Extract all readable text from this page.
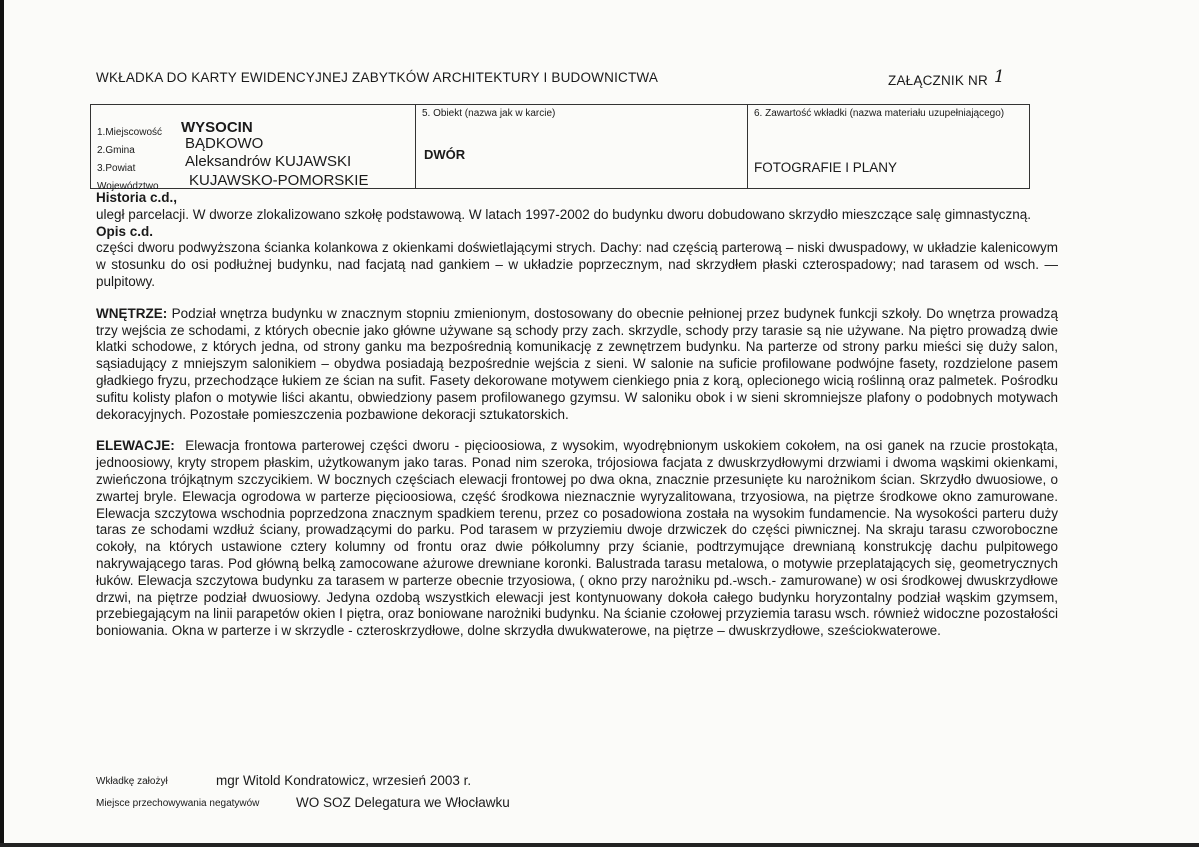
WKŁADKA DO KARTY EWIDENCYJNEJ ZABYTKÓW ARCHITEKTURY I BUDOWNICTWA	ZAŁĄCZNIK NR 1
1.Miejscowość WYSOCIN
2.Gmina	BĄDKOWO
3.Powiat	Aleksandrów KUJAWSKI
Województwo KUJAWSKO-POMORSKIE
5. Obiekt (nazwa jak w karcie)
DWÓR
6. Zawartość wkładki (nazwa materiału uzupełniającego)
FOTOGRAFIE I PLANY
Historia c.d.,

uległ parcelacji. W dworze zlokalizowano szkołę podstawową. W latach 1997-2002 do budynku dworu dobudowano skrzydło mieszczące salę gimnastyczną.

Opis c.d.

części dworu podwyższona ścianka kolankowa z okienkami doświetlającymi strych. Dachy: nad częścią parterową – niski dwuspadowy, w układzie kalenicowym w stosunku do osi podłużnej budynku, nad facjatą nad gankiem – w układzie poprzecznym, nad skrzydłem płaski czterospadowy; nad tarasem od wsch. — pulpitowy.

WNĘTRZE: Podział wnętrza budynku w znacznym stopniu zmienionym, dostosowany do obecnie pełnionej przez budynek funkcji szkoły. Do wnętrza prowadzą trzy wejścia ze schodami, z których obecnie jako główne używane są schody przy zach. skrzydle, schody przy tarasie są nie używane. Na piętro prowadzą dwie klatki schodowe, z których jedna, od strony ganku ma bezpośrednią komunikację z zewnętrzem budynku. Na parterze od strony parku mieści się duży salon, sąsiadujący z mniejszym salonikiem – obydwa posiadają bezpośrednie wejścia z sieni. W salonie na suficie profilowane podwójne fasety, rozdzielone pasem gładkiego fryzu, przechodzące łukiem ze ścian na sufit. Fasety dekorowane motywem cienkiego pnia z korą, oplecionego wicią roślinną oraz palmetek. Pośrodku sufitu kolisty plafon o motywie liści akantu, obwiedziony pasem profilowanego gzymsu. W saloniku obok i w sieni skromniejsze plafony o podobnych motywach dekoracyjnych. Pozostałe pomieszczenia pozbawione dekoracji sztukatorskich.

ELEWACJE: Elewacja frontowa parterowej części dworu - pięcioosiowa, z wysokim, wyodrębnionym uskokiem cokołem, na osi ganek na rzucie prostokąta, jednoosiowy, kryty stropem płaskim, użytkowanym jako taras. Ponad nim szeroka, trójosiowa facjata z dwuskrzydłowymi drzwiami i dwoma wąskimi okienkami, zwieńczona trójkątnym szczycikiem. W bocznych częściach elewacji frontowej po dwa okna, znacznie przesunięte ku narożnikom ścian. Skrzydło dwuosiowe, o zwartej bryle. Elewacja ogrodowa w parterze pięcioosiowa, część środkowa nieznacznie wyryzalitowana, trzyosiowa, na piętrze środkowe okno zamurowane. Elewacja szczytowa wschodnia poprzedzona znacznym spadkiem terenu, przez co posadowiona została na wysokim fundamencie. Na wysokości parteru duży taras ze schodami wzdłuż ściany, prowadzącymi do parku. Pod tarasem w przyziemiu dwoje drzwiczek do części piwnicznej. Na skraju tarasu czworoboczne cokoły, na których ustawione cztery kolumny od frontu oraz dwie półkolumny przy ścianie, podtrzymujące drewnianą konstrukcję dachu pulpitowego nakrywającego taras. Pod główną belką zamocowane ażurowe drewniane koronki. Balustrada tarasu metalowa, o motywie przeplatających się, geometrycznych łuków. Elewacja szczytowa budynku za tarasem w parterze obecnie trzyosiowa, ( okno przy narożniku pd.-wsch.- zamurowane) w osi środkowej dwuskrzydłowe drzwi, na piętrze podział dwuosiowy. Jedyna ozdobą wszystkich elewacji jest kontynuowany dokoła całego budynku horyzontalny podział wąskim gzymsem, przebiegającym na linii parapetów okien I piętra, oraz boniowane narożniki budynku. Na ścianie czołowej przyziemia tarasu wsch. również widoczne pozostałości boniowania. Okna w parterze i w skrzydle - czteroskrzydłowe, dolne skrzydła dwukwaterowe, na piętrze – dwuskrzydłowe, sześciokwaterowe.

Wkładkę założył	mgr Witold Kondratowicz, wrzesień 2003 r.
Miejsce przechowywania negatywów	WO SOZ Delegatura we Włocławku
